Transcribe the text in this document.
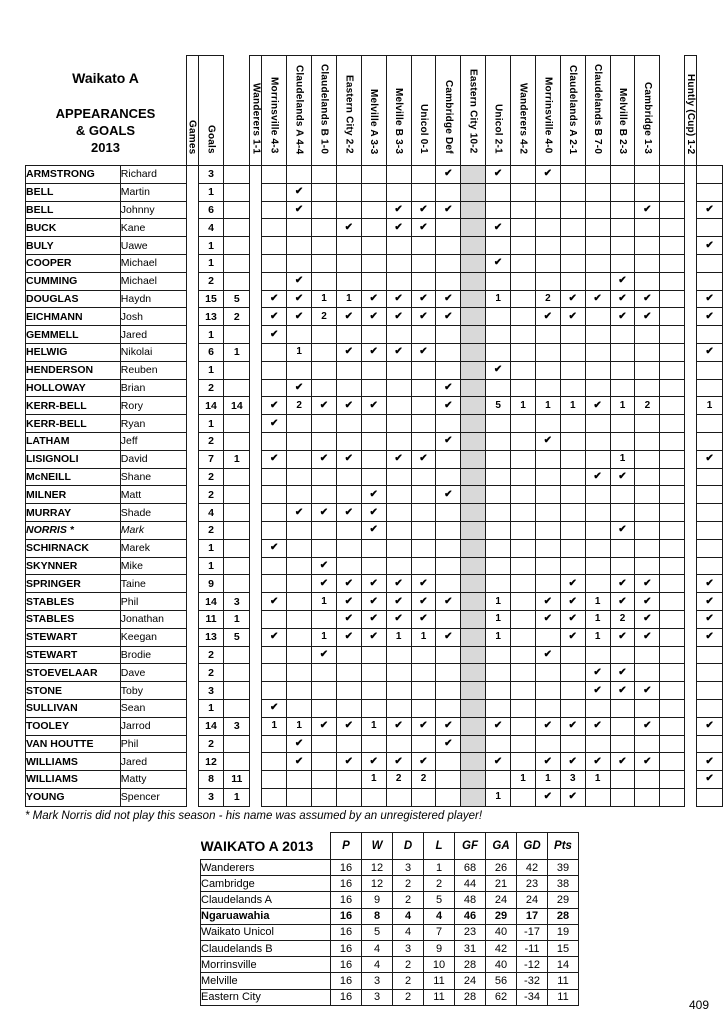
Waikato A
APPEARANCES
& GOALS
2013
			Games	Goals		Wanderers 1-1	Morrinsville 4-3	Claudelands A 4-4	Claudelands B 1-0	Eastern City 2-2	Melville A 3-3	Melville B 3-3	Unicol 0-1	Cambridge Def	Eastern City 10-2	Unicol 2-1	Wanderers 4-2	Morrinsville 4-0	Claudelands A 2-1	Claudelands B 7-0	Melville B 2-3	Cambridge 1-3		Huntly (Cup) 1-2	
ARMSTRONG	Richard		3										✔		✔		✔							
BELL	Martin		1				✔																	
BELL	Johnny		6				✔				✔	✔	✔								✔			✔
BUCK	Kane		4						✔		✔	✔			✔									
BULY	Uawe		1																					✔
COOPER	Michael		1												✔									
CUMMING	Michael		2				✔													✔				
DOUGLAS	Haydn		15	5		✔	✔	1	1	✔	✔	✔	✔		1		2	✔	✔	✔	✔			✔
EICHMANN	Josh		13	2		✔	✔	2	✔	✔	✔	✔	✔				✔	✔		✔	✔			✔
GEMMELL	Jared		1			✔																		
HELWIG	Nikolai		6	1			1		✔	✔	✔	✔												✔
HENDERSON	Reuben		1												✔									
HOLLOWAY	Brian		2				✔						✔											
KERR-BELL	Rory		14	14		✔	2	✔	✔	✔			✔		5	1	1	1	✔	1	2			1
KERR-BELL	Ryan		1			✔																		
LATHAM	Jeff		2										✔				✔							
LISIGNOLI	David		7	1		✔		✔	✔		✔	✔								1				✔
McNEILL	Shane		2																✔	✔				
MILNER	Matt		2							✔			✔											
MURRAY	Shade		4				✔	✔	✔	✔														
NORRIS *	Mark		2							✔										✔				
SCHIRNACK	Marek		1			✔																		
SKYNNER	Mike		1					✔																
SPRINGER	Taine		9					✔	✔	✔	✔	✔						✔		✔	✔			✔
STABLES	Phil		14	3		✔		1	✔	✔	✔	✔	✔		1		✔	✔	1	✔	✔			✔
STABLES	Jonathan		11	1					✔	✔	✔	✔			1		✔	✔	1	2	✔			✔
STEWART	Keegan		13	5		✔		1	✔	✔	1	1	✔		1			✔	1	✔	✔			✔
STEWART	Brodie		2					✔									✔							
STOEVELAAR	Dave		2																✔	✔				
STONE	Toby		3																✔	✔	✔			
SULLIVAN	Sean		1			✔																		
TOOLEY	Jarrod		14	3		1	1	✔	✔	1	✔	✔	✔		✔		✔	✔	✔		✔			✔
VAN HOUTTE	Phil		2				✔						✔											
WILLIAMS	Jared		12				✔		✔	✔	✔	✔			✔		✔	✔	✔	✔	✔			✔
WILLIAMS	Matty		8	11						1	2	2				1	1	3	1					✔
YOUNG	Spencer		3	1											1		✔	✔						
* Mark Norris did not play this season - his name was assumed by an unregistered player!
WAIKATO A 2013	P	W	D	L	GF	GA	GD	Pts
Wanderers	16	12	3	1	68	26	42	39
Cambridge	16	12	2	2	44	21	23	38
Claudelands A	16	9	2	5	48	24	24	29
Ngaruawahia	16	8	4	4	46	29	17	28
Waikato Unicol	16	5	4	7	23	40	-17	19
Claudelands B	16	4	3	9	31	42	-11	15
Morrinsville	16	4	2	10	28	40	-12	14
Melville	16	3	2	11	24	56	-32	11
Eastern City	16	3	2	11	28	62	-34	11
409
